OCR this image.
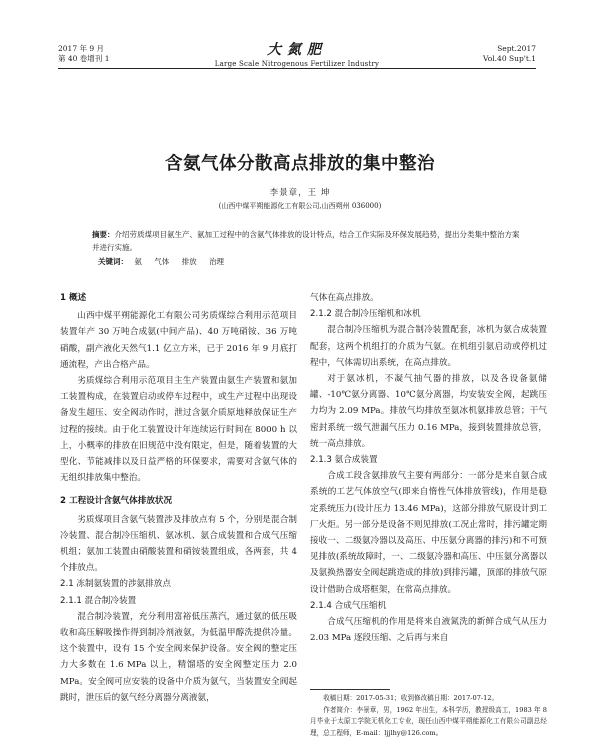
2017 年 9 月
第 40 卷增刊 1
大氮肥
Large Scale Nitrogenous Fertilizer Industry
Sept.2017
Vol.40 Sup't.1
含氨气体分散高点排放的集中整治
李景章，王 坤
(山西中煤平朔能源化工有限公司,山西朔州 036000)
摘要：介绍劳质煤项目氨生产、氨加工过程中的含氨气体排放的设计特点，结合工作实际及环保发展趋势，提出分类集中整治方案并进行实施。
关键词： 氨 气体 排放 治理
1 概述

山西中煤平朔能源化工有限公司劣质煤综合利用示范项目装置年产 30 万吨合成氨(中间产品)、40 万吨硝铵、36 万吨硝酸，副产液化天然气1.1 亿立方米，已于 2016 年 9 月底打通流程，产出合格产品。

劣质煤综合利用示范项目主生产装置由氨生产装置和氨加工装置构成，在装置启动或停车过程中，或生产过程中出现设备发生超压、安全阀动作时，泄过含氨介质原地释放保证生产过程的接续。由于化工装置设计年连续运行时间在 8000 h 以上，小概率的排放在旧规范中没有限定，但是，随着装置的大型化、节能减排以及日益严格的环保要求，需要对含氨气体的无组织排放集中整治。

2 工程设计含氨气体排放状况

劣质煤项目含氨气装置涉及排放点有 5 个，分别是混合制冷装置、混合制冷压缩机、氨冰机、氨合成装置和合成气压缩机组；氨加工装置由硝酸装置和硝铵装置组成，各两套，共 4 个排放点。

2.1 冻制氨装置的涉氨排放点
2.1.1 混合制冷装置

混合制冷装置，充分利用富裕低压蒸汽，通过氨的低压吸收和高压解吸操作得到制冷剂液氨，为低温甲醇洗提供冷量。这个装置中，设有 15 个安全阀来保护设备。安全阀的整定压力大多数在 1.6 MPa 以上，精馏塔的安全阀整定压力 2.0 MPa。安全阀可应安装的设备中介质为氨气，当装置安全阀起跳时，泄压后的氨气经分离器分离液氨，

气体在高点排放。

2.1.2 混合制冷压缩机和冰机

混合制冷压缩机为混合制冷装置配套，冰机为氨合成装置配套，这两个机组打的介质为气氨。在机组引氨启动或停机过程中，气体需切出系统，在高点排放。

对于氨冰机，不凝气抽气器的排放，以及各设备氨储罐、-10℃氨分离器、10℃氨分离器，均安装安全阀，起跳压力均为 2.09 MPa。排放气均排放至氨冰机氨排放总管；干气密封系统一级气泄漏气压力 0.16 MPa，接到装置排放总管，统一高点排放。

2.1.3 氨合成装置

合成工段含氨排放气主要有两部分：一部分是来自氨合成系统的工艺气体放空气(即来自惰性气体排放管线)，作用是稳定系统压力(设计压力 13.46 MPa)，这部分排放气原设计到工厂火炬。另一部分是设备不则见排放(工况止常时，排污罐定期接收一、二级氨冷器以及高压、中压氨分离器的排污)和不可预见排放(系统故障时，一、二级氨冷器和高压、中压氨分离器以及氨换热器安全阀起跳造成的排放)到排污罐，顶部的排放气原设计借助合成塔框架，在常高点排放。

2.1.4 合成气压缩机

合成气压缩机的作用是将来自液氮洗的新鲜合成气从压力 2.03 MPa 逐段压缩、之后再与来自

收稿日期：2017-05-31；收到修改稿日期：2017-07-12。

作者简介：李景章，男，1962 年出生，本科学历，教授级高工，1983 年 8 月毕业于太原工学院无机化工专业，现任山西中煤平朔能源化工有限公司副总经理，总工程师，E-mail：ljjlhy@126.com。
